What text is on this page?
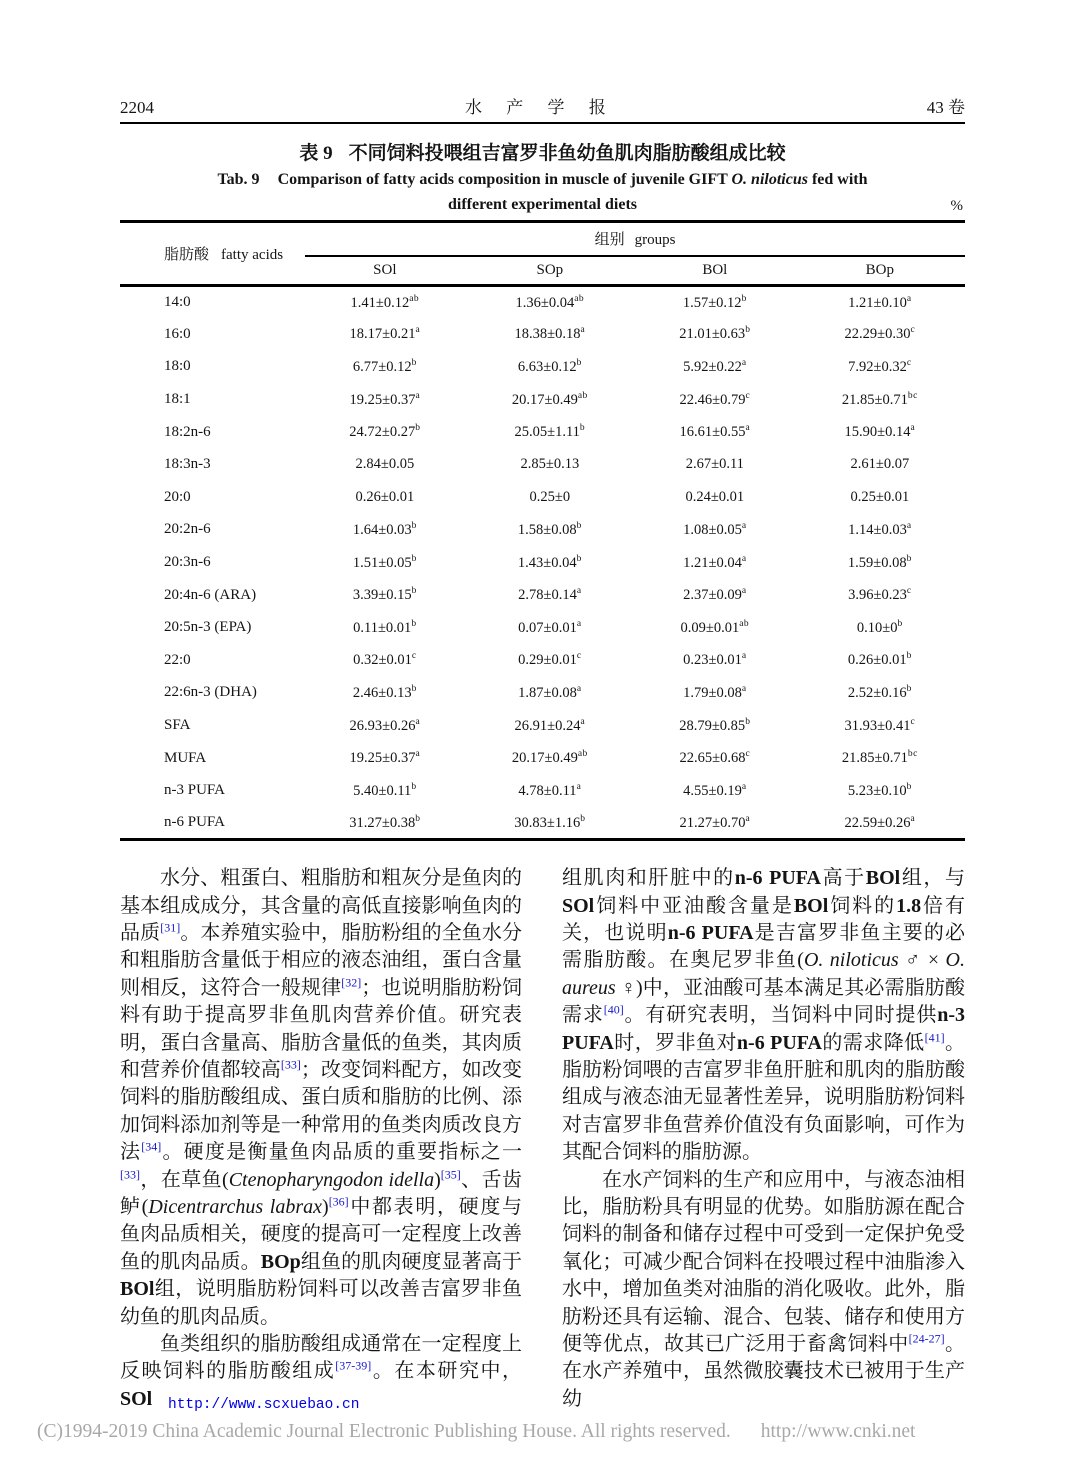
2204	水 产 学 报	43 卷
表 9 不同饲料投喂组吉富罗非鱼幼鱼肌肉脂肪酸组成比较
Tab. 9 Comparison of fatty acids composition in muscle of juvenile GIFT O. niloticus fed with
different experimental diets	%
脂肪酸 fatty acids	组别 groups			
	SOl	SOp	BOl	BOp
14:0	1.41±0.12$^{ab}$	1.36±0.04$^{ab}$	1.57±0.12$^b$	1.21±0.10$^a$
16:0	18.17±0.21$^a$	18.38±0.18$^a$	21.01±0.63$^b$	22.29±0.30$^c$
18:0	6.77±0.12$^b$	6.63±0.12$^b$	5.92±0.22$^a$	7.92±0.32$^c$
18:1	19.25±0.37$^a$	20.17±0.49$^{ab}$	22.46±0.79$^c$	21.85±0.71$^{bc}$
18:2n-6	24.72±0.27$^b$	25.05±1.11$^b$	16.61±0.55$^a$	15.90±0.14$^a$
18:3n-3	2.84±0.05	2.85±0.13	2.67±0.11	2.61±0.07
20:0	0.26±0.01	0.25±0	0.24±0.01	0.25±0.01
20:2n-6	1.64±0.03$^b$	1.58±0.08$^b$	1.08±0.05$^a$	1.14±0.03$^a$
20:3n-6	1.51±0.05$^b$	1.43±0.04$^b$	1.21±0.04$^a$	1.59±0.08$^b$
20:4n-6 (ARA)	3.39±0.15$^b$	2.78±0.14$^a$	2.37±0.09$^a$	3.96±0.23$^c$
20:5n-3 (EPA)	0.11±0.01$^b$	0.07±0.01$^a$	0.09±0.01$^{ab}$	$0.10\pm 0^b$
22:0	0.32±0.01$^c$	0.29±0.01$^c$	0.23±0.01$^a$	0.26±0.01$^b$
22:6n-3 (DHA)	2.46±0.13$^b$	1.87±0.08$^a$	1.79±0.08$^a$	2.52±0.16$^b$
SFA	26.93±0.26$^a$	26.91±0.24$^a$	28.79±0.85$^b$	31.93±0.41$^c$
MUFA	19.25±0.37$^a$	20.17±0.49$^{ab}$	22.65±0.68$^c$	21.85±0.71$^{bc}$
n-3 PUFA	5.40±0.11$^b$	4.78±0.11$^a$	4.55±0.19$^a$	5.23±0.10$^b$
n-6 PUFA	31.27±0.38$^b$	30.83±1.16$^b$	21.27±0.70$^a$	22.59±0.26$^a$

水分、粗蛋白、粗脂肪和粗灰分是鱼肉的基本组成成分，其含量的高低直接影响鱼肉的品质[31]。本养殖实验中，脂肪粉组的全鱼水分和粗脂肪含量低于相应的液态油组，蛋白含量则相反，这符合一般规律[32]；也说明脂肪粉饲料有助于提高罗非鱼肌肉营养价值。研究表明，蛋白含量高、脂肪含量低的鱼类，其肉质和营养价值都较高[33]；改变饲料配方，如改变饲料的脂肪酸组成、蛋白质和脂肪的比例、添加饲料添加剂等是一种常用的鱼类肉质改良方法[34]。硬度是衡量鱼肉品质的重要指标之一[33]，在草鱼(Ctenopharyngodon idella)[35]、舌齿鲈(Dicentrarchus labrax)[36]中都表明，硬度与鱼肉品质相关，硬度的提高可一定程度上改善鱼的肌肉品质。BOp组鱼的肌肉硬度显著高于BOl组，说明脂肪粉饲料可以改善吉富罗非鱼幼鱼的肌肉品质。

鱼类组织的脂肪酸组成通常在一定程度上反映饲料的脂肪酸组成[37-39]。在本研究中，SOl

组肌肉和肝脏中的n-6 PUFA高于BOl组，与SOl饲料中亚油酸含量是BOl饲料的1.8倍有关，也说明n-6 PUFA是吉富罗非鱼主要的必需脂肪酸。在奥尼罗非鱼(O. niloticus ♂ × O. aureus ♀)中，亚油酸可基本满足其必需脂肪酸需求[40]。有研究表明，当饲料中同时提供n-3 PUFA时，罗非鱼对n-6 PUFA的需求降低[41]。脂肪粉饲喂的吉富罗非鱼肝脏和肌肉的脂肪酸组成与液态油无显著性差异，说明脂肪粉饲料对吉富罗非鱼营养价值没有负面影响，可作为其配合饲料的脂肪源。

在水产饲料的生产和应用中，与液态油相比，脂肪粉具有明显的优势。如脂肪源在配合饲料的制备和储存过程中可受到一定保护免受氧化；可减少配合饲料在投喂过程中油脂渗入水中，增加鱼类对油脂的消化吸收。此外，脂肪粉还具有运输、混合、包装、储存和使用方便等优点，故其已广泛用于畜禽饲料中[24-27]。在水产养殖中，虽然微胶囊技术已被用于生产幼

http://www.scxuebao.cn
(C)1994-2019 China Academic Journal Electronic Publishing House. All rights reserved. http://www.cnki.net
